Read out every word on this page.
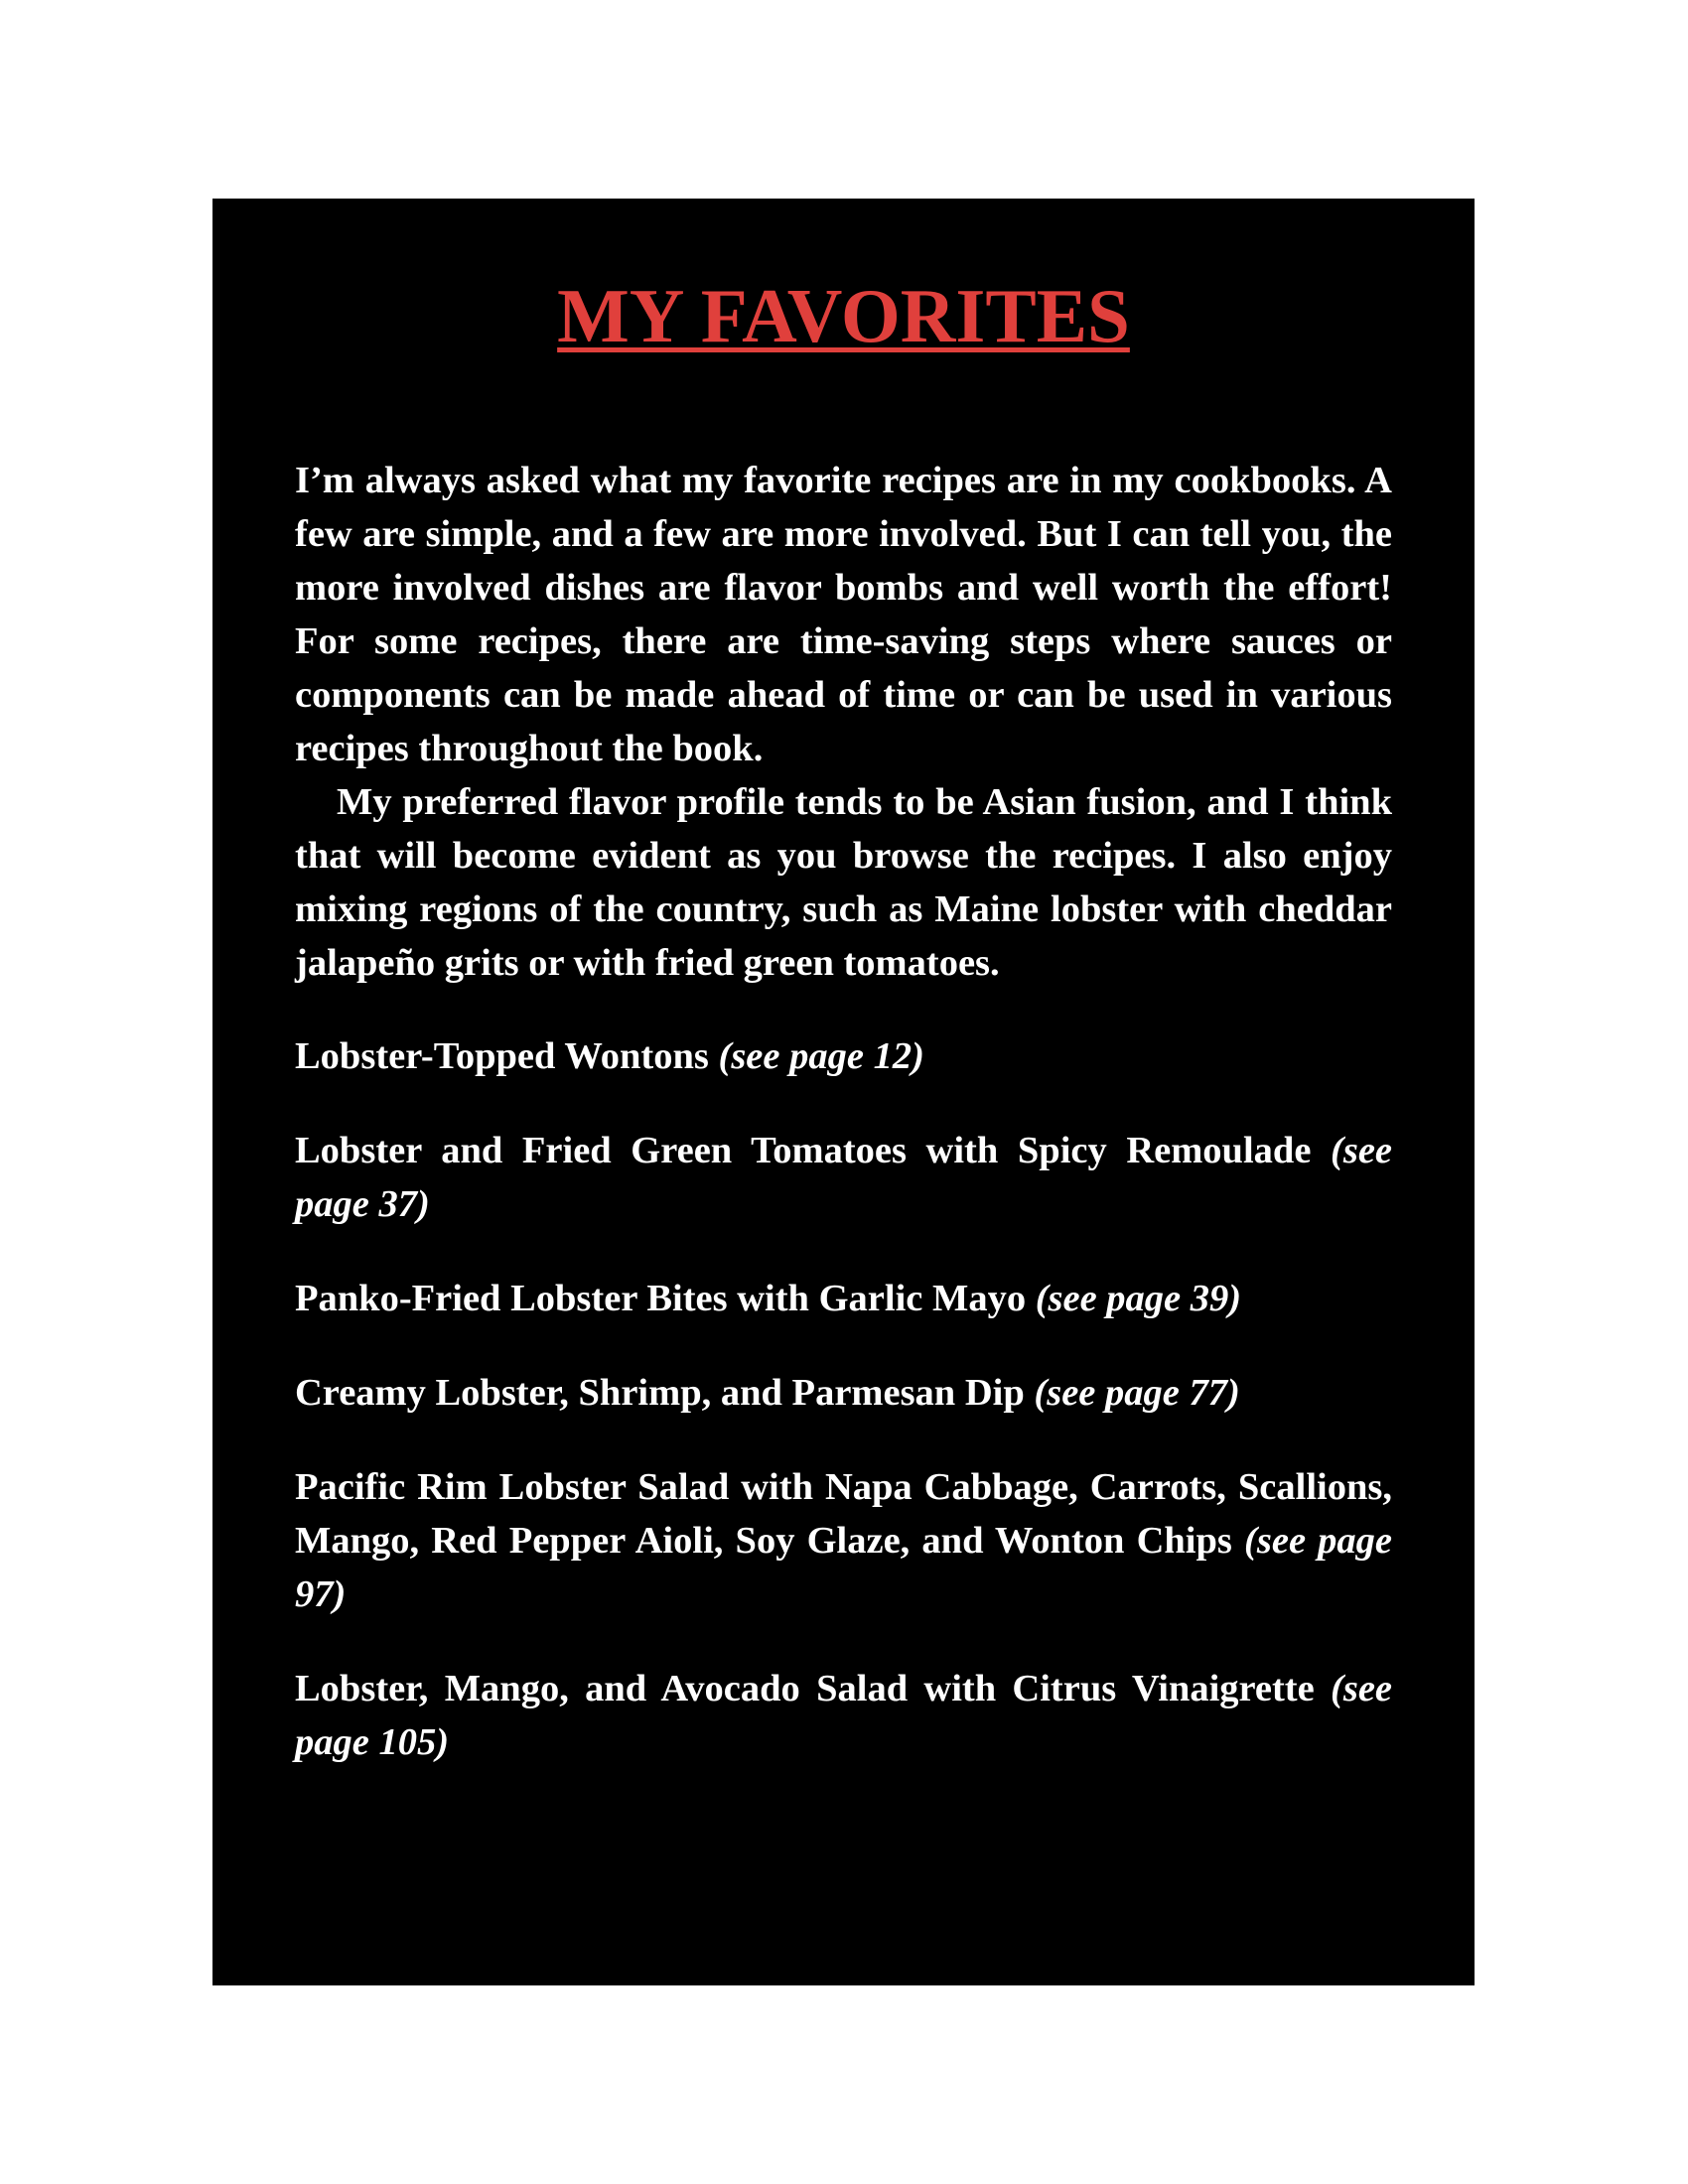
MY FAVORITES

I’m always asked what my favorite recipes are in my cookbooks. A few are simple, and a few are more involved. But I can tell you, the more involved dishes are flavor bombs and well worth the effort! For some recipes, there are time-saving steps where sauces or components can be made ahead of time or can be used in various recipes throughout the book.

My preferred flavor profile tends to be Asian fusion, and I think that will become evident as you browse the recipes. I also enjoy mixing regions of the country, such as Maine lobster with cheddar jalapeño grits or with fried green tomatoes.

Lobster-Topped Wontons (see page 12)
Lobster and Fried Green Tomatoes with Spicy Remoulade (see page 37)
Panko-Fried Lobster Bites with Garlic Mayo (see page 39)
Creamy Lobster, Shrimp, and Parmesan Dip (see page 77)
Pacific Rim Lobster Salad with Napa Cabbage, Carrots, Scallions, Mango, Red Pepper Aioli, Soy Glaze, and Wonton Chips (see page 97)
Lobster, Mango, and Avocado Salad with Citrus Vinaigrette (see page 105)
